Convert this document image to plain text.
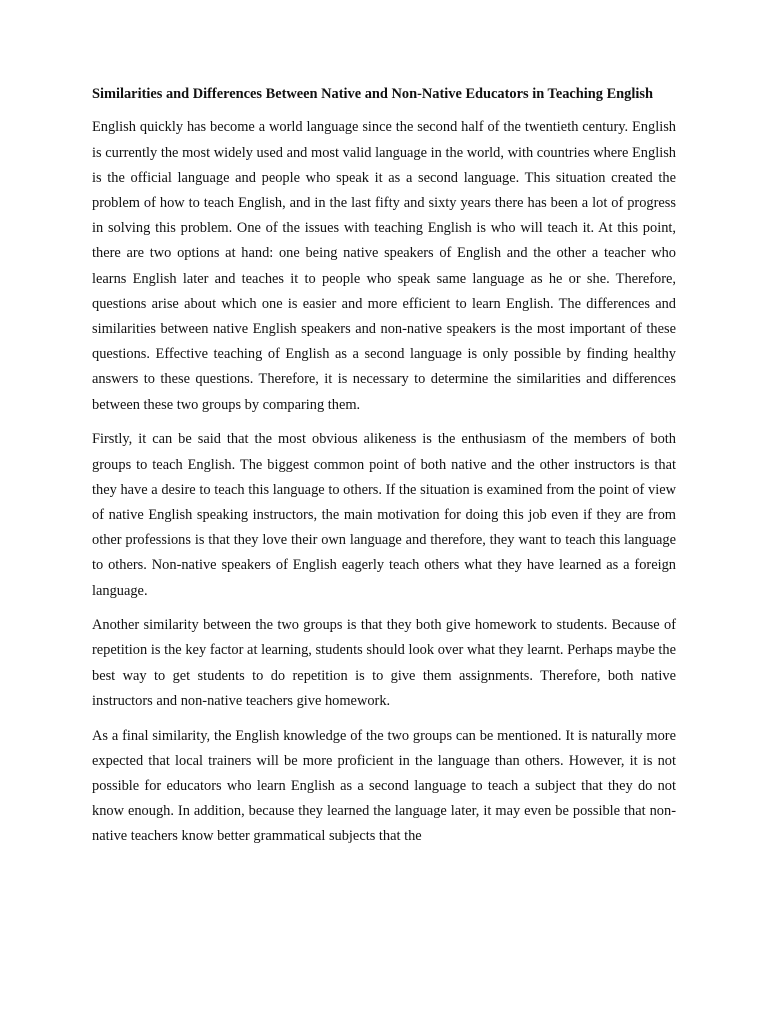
Similarities and Differences Between Native and Non-Native Educators in Teaching English

English quickly has become a world language since the second half of the twentieth century. English is currently the most widely used and most valid language in the world, with countries where English is the official language and people who speak it as a second language. This situation created the problem of how to teach English, and in the last fifty and sixty years there has been a lot of progress in solving this problem. One of the issues with teaching English is who will teach it. At this point, there are two options at hand: one being native speakers of English and the other a teacher who learns English later and teaches it to people who speak same language as he or she. Therefore, questions arise about which one is easier and more efficient to learn English. The differences and similarities between native English speakers and non-native speakers is the most important of these questions. Effective teaching of English as a second language is only possible by finding healthy answers to these questions. Therefore, it is necessary to determine the similarities and differences between these two groups by comparing them.

Firstly, it can be said that the most obvious alikeness is the enthusiasm of the members of both groups to teach English. The biggest common point of both native and the other instructors is that they have a desire to teach this language to others. If the situation is examined from the point of view of native English speaking instructors, the main motivation for doing this job even if they are from other professions is that they love their own language and therefore, they want to teach this language to others. Non-native speakers of English eagerly teach others what they have learned as a foreign language.

Another similarity between the two groups is that they both give homework to students. Because of repetition is the key factor at learning, students should look over what they learnt. Perhaps maybe the best way to get students to do repetition is to give them assignments. Therefore, both native instructors and non-native teachers give homework.

As a final similarity, the English knowledge of the two groups can be mentioned. It is naturally more expected that local trainers will be more proficient in the language than others. However, it is not possible for educators who learn English as a second language to teach a subject that they do not know enough. In addition, because they learned the language later, it may even be possible that non-native teachers know better grammatical subjects that the
